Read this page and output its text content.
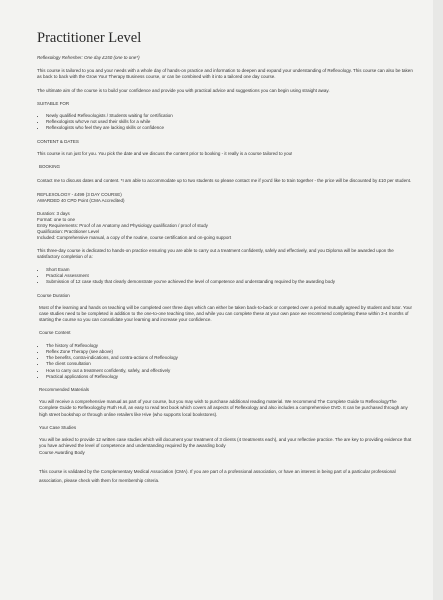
Practitioner Level

Reflexology Refresher: One day £150 (one to one*)

This course is tailored to you and your needs with a whole day of hands-on practice and information to deepen and expand your understanding of Reflexology. This course can also be taken as back to back with the Grow Your Therapy Business course, or can be combined with it into a tailored one day course.

The ultimate aim of the course is to build your confidence and provide you with practical advice and suggestions you can begin using straight away.

SUITABLE FOR

• Newly qualified Reflexologists / Students waiting for certification
• Reflexologists who've not used their skills for a while
• Reflexologists who feel they are lacking skills or confidence

CONTENT & DATES

This course is run just for you. You pick the date and we discuss the content prior to booking - it really is a course tailored to you!

BOOKING

Contact me to discuss dates and content. *I am able to accommodate up to two students so please contact me if you'd like to train together - the price will be discounted by £10 per student.

REFLEXOLOGY - £499 (3 DAY COURSE)

AWARDED 40 CPD Point (CMA Accredited)

Duration: 3 days

Format: one to one

Entry Requirements: Proof of an Anatomy and Physiology qualification / proof of study

Qualification: Practitioner Level

Included: Comprehensive manual, a copy of the routine, course certification and on-going support

This three-day course is dedicated to hands-on practice ensuring you are able to carry out a treatment confidently, safely and effectively, and you Diploma will be awarded upon the satisfactory completion of a:

• Short Exam
• Practical Assessment
• Submission of 12 case study that clearly demonstrate you've achieved the level of competence and understanding required by the awarding body

Course Duration

Most of the learning and hands on teaching will be completed over three days which can either be taken back-to-back or competed over a period mutually agreed by student and tutor. Your case studies need to be completed in addition to the one-to-one teaching time, and while you can complete these at your own pace we recommend completing these within 3-4 months of starting the course so you can consolidate your learning and increase your confidence.

Course Content

• The history of Reflexology
• Reflex Zone Therapy (see above)
• The benefits, contra-indications, and contra-actions of Reflexology
• The client consultation
• How to carry out a treatment confidently, safely, and effectively
• Practical applications of Reflexology

Recommended Materials

You will receive a comprehensive manual as part of your course, but you may wish to purchase additional reading material. We recommend The Complete Guide to ReflexologyThe Complete Guide to Reflexologyby Ruth Hull, an easy to read text book which covers all aspects of Reflexology and also includes a comprehensive DVD. It can be purchased through any high street bookshop or through online retailers like Hive (who supports local bookstores).

Your Case Studies

You will be asked to provide 12 written case studies which will document your treatment of 3 clients (4 treatments each), and your reflective practice. The are key to providing evidence that you have achieved the level of competence and understanding required by the awarding body

Course Awarding Body

This course is validated by the Complementary Medical Association (CMA). If you are part of a professional association, or have an interest in being part of a particular professional association, please check with them for membership criteria.
